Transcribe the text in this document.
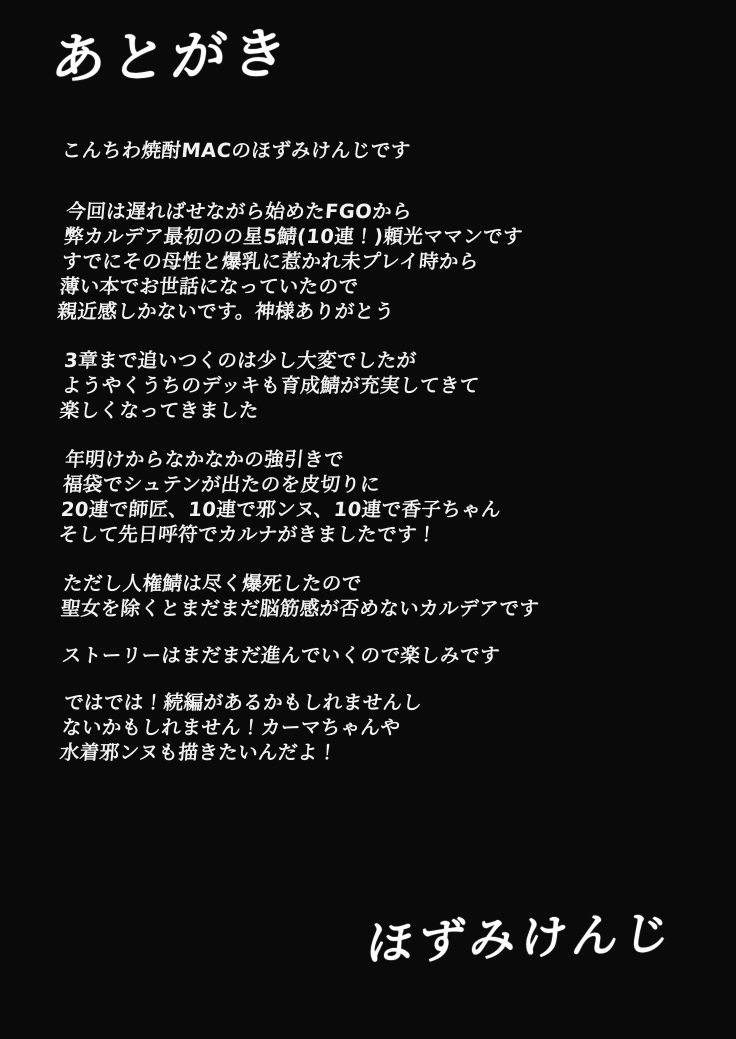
あとがき

こんちわ焼酎MACのほずみけんじです

今回は遅ればせながら始めたFGOから
弊カルデア最初のの星5鯖(10連！)頼光ママンです
すでにその母性と爆乳に惹かれ未プレイ時から
薄い本でお世話になっていたので
親近感しかないです。神様ありがとう

3章まで追いつくのは少し大変でしたが
ようやくうちのデッキも育成鯖が充実してきて
楽しくなってきました

年明けからなかなかの強引きで
福袋でシュテンが出たのを皮切りに
20連で師匠、10連で邪ンヌ、10連で香子ちゃん
そして先日呼符でカルナがきましたです！

ただし人権鯖は尽く爆死したので
聖女を除くとまだまだ脳筋感が否めないカルデアです

ストーリーはまだまだ進んでいくので楽しみです

ではでは！続編があるかもしれませんし
ないかもしれません！カーマちゃんや
水着邪ンヌも描きたいんだよ！

ほずみけんじ
